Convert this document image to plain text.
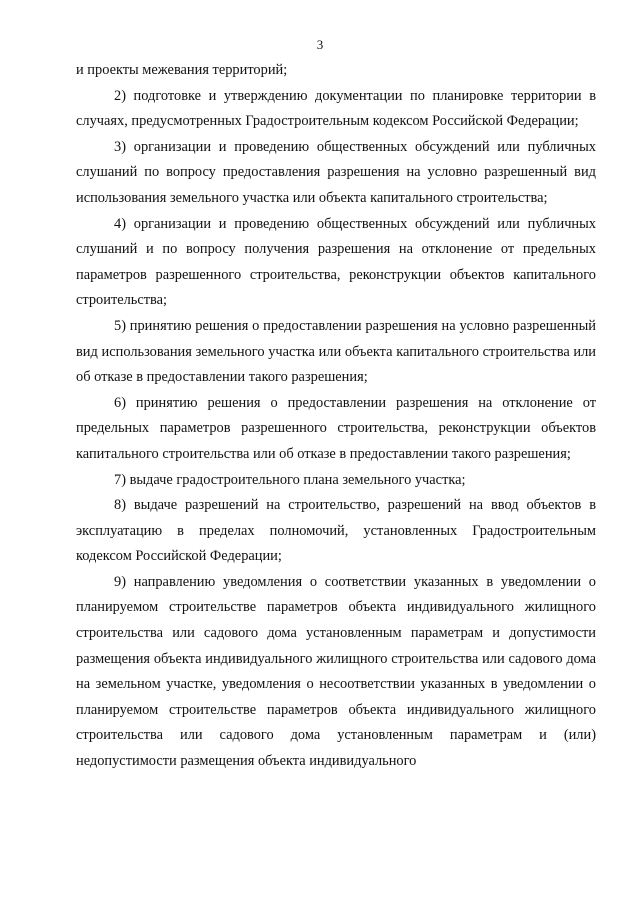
3

и проекты межевания территорий;

2) подготовке и утверждению документации по планировке территории в случаях, предусмотренных Градостроительным кодексом Российской Федерации;

3) организации и проведению общественных обсуждений или публичных слушаний по вопросу предоставления разрешения на условно разрешенный вид использования земельного участка или объекта капитального строительства;

4) организации и проведению общественных обсуждений или публичных слушаний и по вопросу получения разрешения на отклонение от предельных параметров разрешенного строительства, реконструкции объектов капитального строительства;

5) принятию решения о предоставлении разрешения на условно разрешенный вид использования земельного участка или объекта капитального строительства или об отказе в предоставлении такого разрешения;

6) принятию решения о предоставлении разрешения на отклонение от предельных параметров разрешенного строительства, реконструкции объектов капитального строительства или об отказе в предоставлении такого разрешения;

7) выдаче градостроительного плана земельного участка;

8) выдаче разрешений на строительство, разрешений на ввод объектов в эксплуатацию в пределах полномочий, установленных Градостроительным кодексом Российской Федерации;

9) направлению уведомления о соответствии указанных в уведомлении о планируемом строительстве параметров объекта индивидуального жилищного строительства или садового дома установленным параметрам и допустимости размещения объекта индивидуального жилищного строительства или садового дома на земельном участке, уведомления о несоответствии указанных в уведомлении о планируемом строительстве параметров объекта индивидуального жилищного строительства или садового дома установленным параметрам и (или) недопустимости размещения объекта индивидуального
